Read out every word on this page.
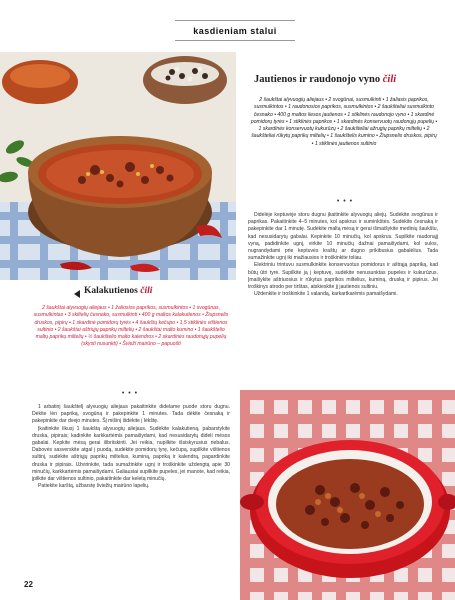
kasdieniam stalui
Jautienos ir raudonojo vyno čili
2 šaukštai alyvuogių aliejaus • 2 svogūnai, susmulkinti • 1 žaliasis paprikos, susmulkintos • 1 raudonosios paprikos, susmulkintos • 2 šaukšteliai susmulkinto česnako • 400 g maltos liesos jautienos • 1 stiklinės raudonojo vyno • 1 skardinė pomidorų tyrės • 1 stiklinės paprikos • 1 skardinės konservuotų raudonųjų pupelių • 1 skardinės konservuotų kukurūzų • 2 šaukšteliai ažrugių paprikų miltelių • 2 šaukšteliai rūkytų paprikų miltelių • 1 šaukštelis kumino • Žiupsnelis druskos, pipirų • 1 stiklinės jautienos sultinio
• • •

Didelėje keptuvėje storu dugnu įkaitinkite alyvuogių aliejų. Sudėkite svogūnus ir paprikas. Pakaitinkite 4–5 minutes, kol apskrus ir suminkštės. Sudėkite česnaką ir pakepinkite dar 1 minutę. Sudėkite maltą mėsą ir gerai išmaišykite medinių šaukštu, kad nesusidarytų gabalai. Kepinkite 10 minučių, kol apskrus. Supilkite raudonąjį vyną, padidinkite ugnį, virkite 10 minučių dažnai pamaišydami, kol sulos, nugrandydami prie keptuvės kraštų ar dugno prikibusius gabalėlius. Tada sumažinkite ugnį iki mažiausios ir troškinkite toliau.

Elektriniu trintuvu susmulkinkite konservuotus pomidorus ir aštrąją papriką, kad būtų ūtri tyrė. Supilkite ją į keptuvę, sudėkite nenusunktas pupeles ir kukurūzus. Įmaišykite aštriuosius ir rūkytus paprikos miltelius, kuminą, druską ir pipirus. Jei troškinys atrodo per tirštas, atskieskite jį jautienos sultiniu.

Uždenkite ir troškinkite 1 valandą, karkartkarėmis pamaišydami.

Kalakutienos čili
2 šaukštai alyvuogių aliejaus • 1 žaliosios paprikos, susmulkintos • 1 svogūnas, susmulkintas • 3 skiltelių česnako, susmulkinti • 400 g maltos kalakutienos • Žiupsnelis druskos, pipirų • 1 skardinė pomidorų tyrės • 4 šaukštų kečupo • 1,5 stiklinės vištienos sultinio • 2 šaukštai aštriųjų paprikų miltelių • 2 šaukštai malto kumino • 1 šaukštelio maltų paprikų miltelių • ½ šaukštelio malto kalendros • 2 skardinės raudonųjų pupelių (skysti nusunkti) • Švieži mairūno – papuošti
• • •

1 arbatinį šaukštelį alyvuogių aliejaus pakaitinkite didelame puode storu dugnu. Dėkite lėn papriką, svogūną ir pakepinkite 1 minutes. Tada dėkite česnaką ir pakepinkite dar dvejo minutes. Šį mišinį išdėkite į lėkštę.

Įkaitinkite likusį 1 šaukštą alyvuogių aliejaus. Sudėkite kalakutieną, pabarstykite druska, pipirais; kadinkite karkkartėmis pamaišydami, kad nesusidarytų dideli mėsos gabalai. Kepkite mėsą gerai išbriiskinti. Jei reikia, nupilkite išsiskyrusius riebalus. Dabovės sasverskite atgal į puodą, sudėkite pomidorų tyrę, kečupą, supilkite vištienos sultinį, sudėkite aštriųjų paprikų miltelius, kuminą, papriką ir kalendrą, pagardinkite druska ir pipirais. Užvirinkite, tada sumažinkite ugnį ir troškinkite uždengtą apie 30 minučių, karkkartėmis pamaišydami. Galiausiai supilkite pupeles, jei manote, kad reikia, įpilkite dar vištienos sultinio, pakaitinkite dar keletą minučių.

Patiekite karštą, užbarstę šviežių mairūno lapelių.

22
